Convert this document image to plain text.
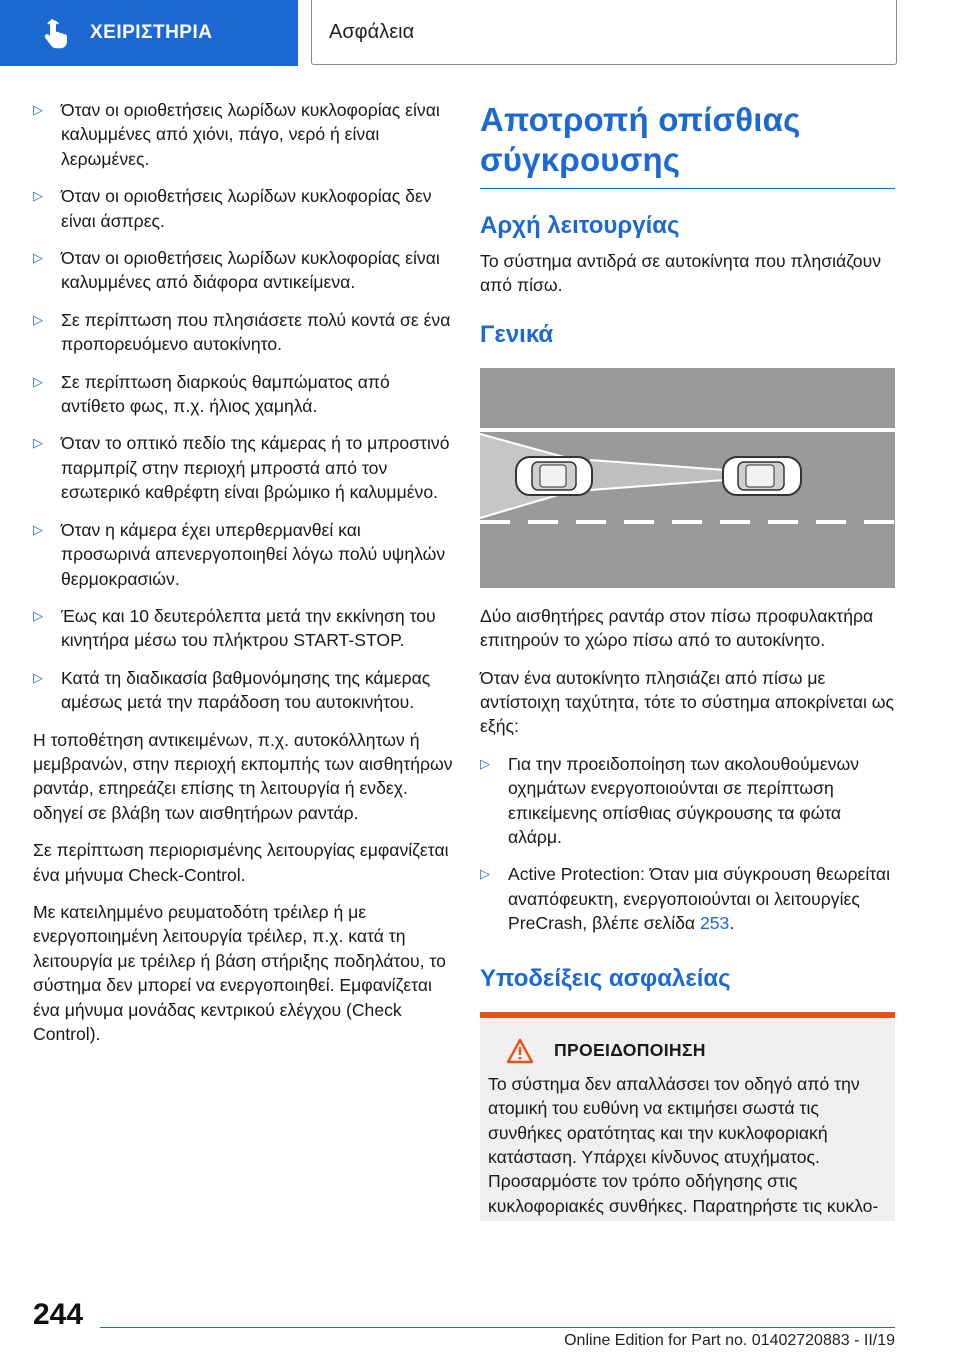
ΧΕΙΡΙΣΤΗΡΙΑ	Ασφάλεια
▷	Όταν οι οριοθετήσεις λωρίδων κυκλοφορίας είναι καλυμμένες από χιόνι, πάγο, νερό ή είναι λερωμένες.
▷	Όταν οι οριοθετήσεις λωρίδων κυκλοφορίας δεν είναι άσπρες.
▷	Όταν οι οριοθετήσεις λωρίδων κυκλοφορίας είναι καλυμμένες από διάφορα αντικείμενα.
▷	Σε περίπτωση που πλησιάσετε πολύ κοντά σε ένα προπορευόμενο αυτοκίνητο.
▷	Σε περίπτωση διαρκούς θαμπώματος από αντίθετο φως, π.χ. ήλιος χαμηλά.
▷	Όταν το οπτικό πεδίο της κάμερας ή το μπροστινό παρμπρίζ στην περιοχή μπροστά από τον εσωτερικό καθρέφτη είναι βρώμικο ή καλυμμένο.
▷	Όταν η κάμερα έχει υπερθερμανθεί και προσωρινά απενεργοποιηθεί λόγω πολύ υψηλών θερμοκρασιών.
▷	Έως και 10 δευτερόλεπτα μετά την εκκίνηση του κινητήρα μέσω του πλήκτρου START-STOP.
▷	Κατά τη διαδικασία βαθμονόμησης της κάμερας αμέσως μετά την παράδοση του αυτοκινήτου.

Η τοποθέτηση αντικειμένων, π.χ. αυτοκόλλητων ή μεμβρανών, στην περιοχή εκπομπής των αισθητήρων ραντάρ, επηρεάζει επίσης τη λειτουργία ή ενδεχ. οδηγεί σε βλάβη των αισθητήρων ραντάρ.

Σε περίπτωση περιορισμένης λειτουργίας εμφανίζεται ένα μήνυμα Check-Control.

Με κατειλημμένο ρευματοδότη τρέιλερ ή με ενεργοποιημένη λειτουργία τρέιλερ, π.χ. κατά τη λειτουργία με τρέιλερ ή βάση στήριξης ποδηλάτου, το σύστημα δεν μπορεί να ενεργοποιηθεί. Εμφανίζεται ένα μήνυμα μονάδας κεντρικού ελέγχου (Check Control).

Αποτροπή οπίσθιας σύγκρουσης
Αρχή λειτουργίας

Το σύστημα αντιδρά σε αυτοκίνητα που πλησιάζουν από πίσω.

Γενικά

Δύο αισθητήρες ραντάρ στον πίσω προφυλακτήρα επιτηρούν το χώρο πίσω από το αυτοκίνητο.

Όταν ένα αυτοκίνητο πλησιάζει από πίσω με αντίστοιχη ταχύτητα, τότε το σύστημα αποκρίνεται ως εξής:

▷	Για την προειδοποίηση των ακολουθούμενων οχημάτων ενεργοποιούνται σε περίπτωση επικείμενης οπίσθιας σύγκρουσης τα φώτα αλάρμ.
▷	Active Protection: Όταν μια σύγκρουση θεωρείται αναπόφευκτη, ενεργοποιούνται οι λειτουργίες PreCrash, βλέπε σελίδα 253.
Υποδείξεις ασφαλείας
ΠΡΟΕΙΔΟΠΟΙΗΣΗ
Το σύστημα δεν απαλλάσσει τον οδηγό από την ατομική του ευθύνη να εκτιμήσει σωστά τις συνθήκες ορατότητας και την κυκλοφοριακή κατάσταση. Υπάρχει κίνδυνος ατυχήματος. Προσαρμόστε τον τρόπο οδήγησης στις κυκλοφοριακές συνθήκες. Παρατηρήστε τις κυκλο-
244
Online Edition for Part no. 01402720883 - II/19
